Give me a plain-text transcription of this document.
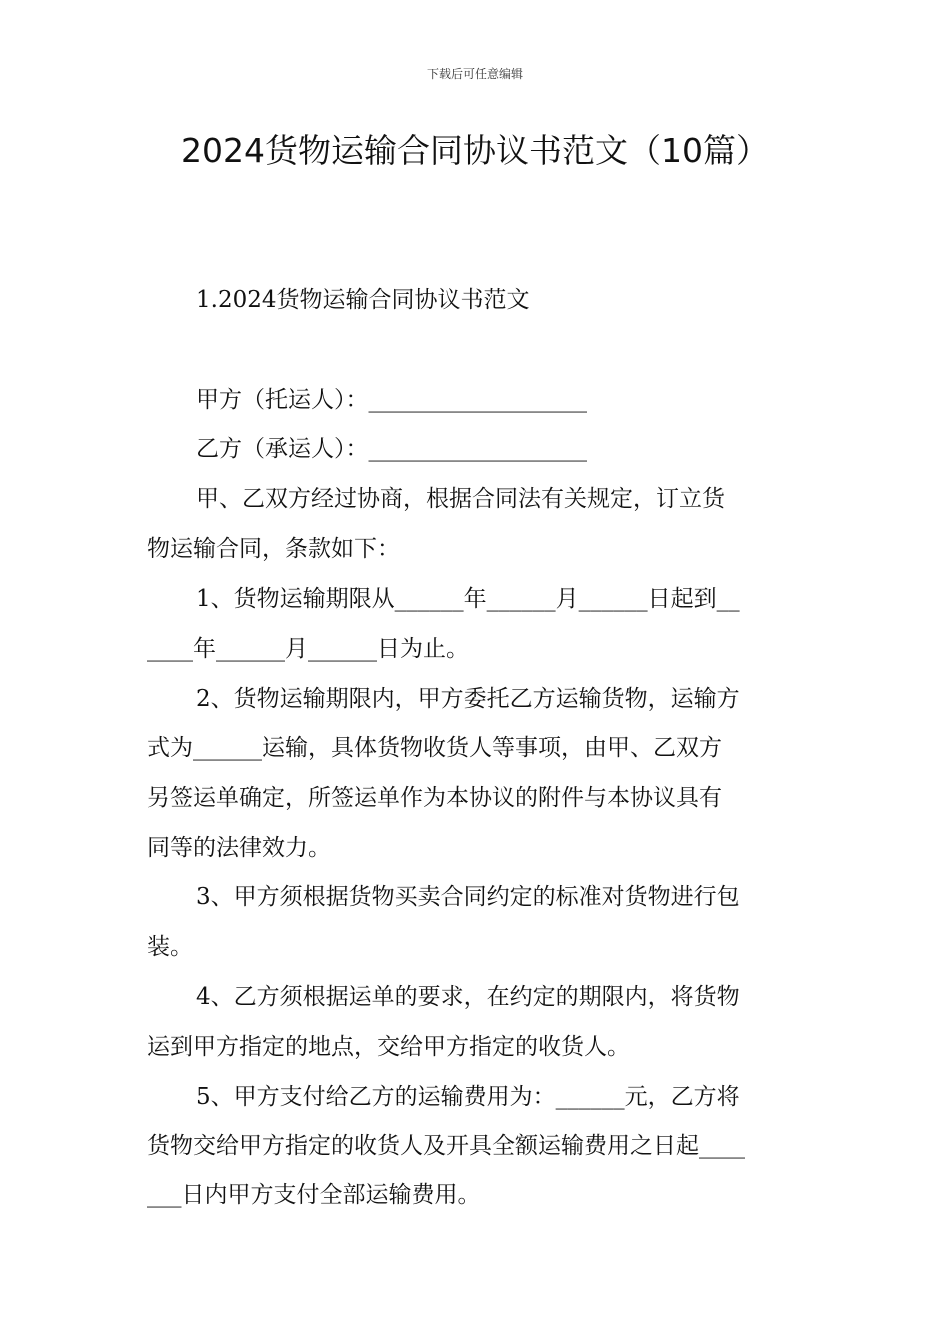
下载后可任意编辑
2024货物运输合同协议书范文（10篇）
1.2024货物运输合同协议书范文
甲方（托运人）：___________________
乙方（承运人）：___________________
甲、乙双方经过协商，根据合同法有关规定，订立货
物运输合同，条款如下：
1、货物运输期限从______年______月______日起到__
____年______月______日为止。
2、货物运输期限内，甲方委托乙方运输货物，运输方
式为______运输，具体货物收货人等事项，由甲、乙双方
另签运单确定，所签运单作为本协议的附件与本协议具有
同等的法律效力。
3、甲方须根据货物买卖合同约定的标准对货物进行包
装。
4、乙方须根据运单的要求，在约定的期限内，将货物
运到甲方指定的地点，交给甲方指定的收货人。
5、甲方支付给乙方的运输费用为：______元，乙方将
货物交给甲方指定的收货人及开具全额运输费用之日起____
___日内甲方支付全部运输费用。
